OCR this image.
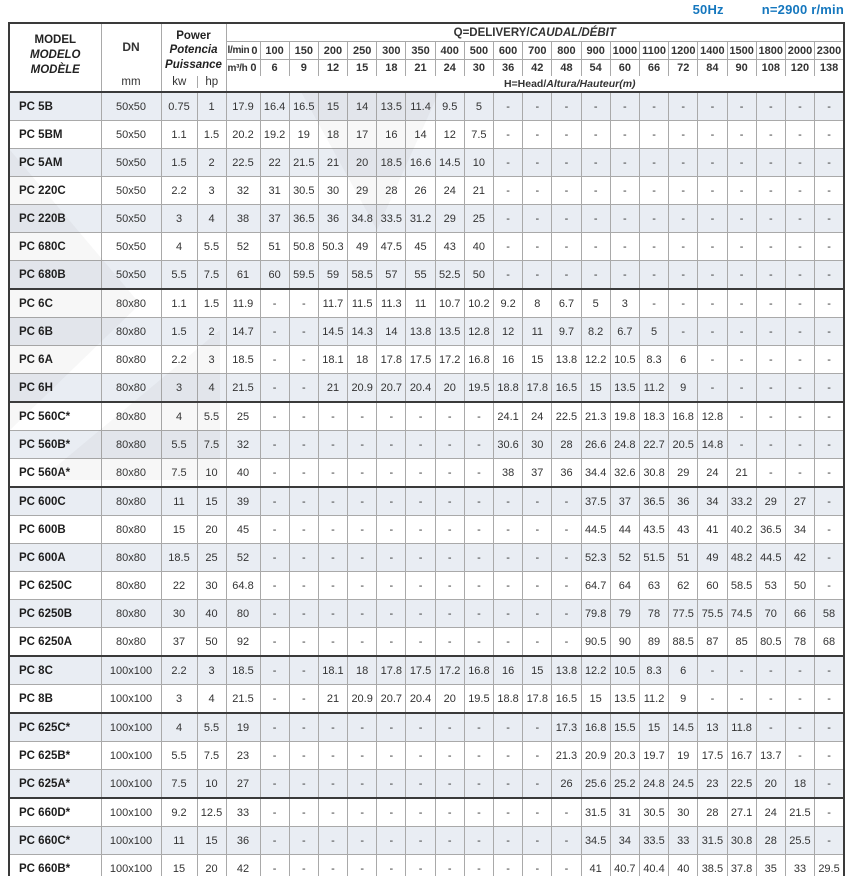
50Hz	n=2900 r/min
MODEL
MODELO
MODÈLE

DN
mm

Power
Potencia
Puissance
kw	hp
	Q=DELIVERY/CAUDAL/DÉBIT

				l/min 0	100	150	200	250	300	350	400	500	600	700	800	900	1000	1100	1200	1400	1500	1800	2000	2300

				m³/h 0	6	9	12	15	18	21	24	30	36	42	48	54	60	66	72	84	90	108	120	138
				H=Head/Altura/Hauteur(m)																				
PC 5B	50x50	0.75	1	17.9	16.4	16.5	15	14	13.5	11.4	9.5	5	-	-	-	-	-	-	-	-	-	-	-	-
PC 5BM	50x50	1.1	1.5	20.2	19.2	19	18	17	16	14	12	7.5	-	-	-	-	-	-	-	-	-	-	-	-
PC 5AM	50x50	1.5	2	22.5	22	21.5	21	20	18.5	16.6	14.5	10	-	-	-	-	-	-	-	-	-	-	-	-
PC 220C	50x50	2.2	3	32	31	30.5	30	29	28	26	24	21	-	-	-	-	-	-	-	-	-	-	-	-
PC 220B	50x50	3	4	38	37	36.5	36	34.8	33.5	31.2	29	25	-	-	-	-	-	-	-	-	-	-	-	-
PC 680C	50x50	4	5.5	52	51	50.8	50.3	49	47.5	45	43	40	-	-	-	-	-	-	-	-	-	-	-	-
PC 680B	50x50	5.5	7.5	61	60	59.5	59	58.5	57	55	52.5	50	-	-	-	-	-	-	-	-	-	-	-	-
PC 6C	80x80	1.1	1.5	11.9	-	-	11.7	11.5	11.3	11	10.7	10.2	9.2	8	6.7	5	3	-	-	-	-	-	-	-
PC 6B	80x80	1.5	2	14.7	-	-	14.5	14.3	14	13.8	13.5	12.8	12	11	9.7	8.2	6.7	5	-	-	-	-	-	-
PC 6A	80x80	2.2	3	18.5	-	-	18.1	18	17.8	17.5	17.2	16.8	16	15	13.8	12.2	10.5	8.3	6	-	-	-	-	-
PC 6H	80x80	3	4	21.5	-	-	21	20.9	20.7	20.4	20	19.5	18.8	17.8	16.5	15	13.5	11.2	9	-	-	-	-	-
PC 560C*	80x80	4	5.5	25	-	-	-	-	-	-	-	-	24.1	24	22.5	21.3	19.8	18.3	16.8	12.8	-	-	-	-
PC 560B*	80x80	5.5	7.5	32	-	-	-	-	-	-	-	-	30.6	30	28	26.6	24.8	22.7	20.5	14.8	-	-	-	-
PC 560A*	80x80	7.5	10	40	-	-	-	-	-	-	-	-	38	37	36	34.4	32.6	30.8	29	24	21	-	-	-
PC 600C	80x80	11	15	39	-	-	-	-	-	-	-	-	-	-	-	37.5	37	36.5	36	34	33.2	29	27	-
PC 600B	80x80	15	20	45	-	-	-	-	-	-	-	-	-	-	-	44.5	44	43.5	43	41	40.2	36.5	34	-
PC 600A	80x80	18.5	25	52	-	-	-	-	-	-	-	-	-	-	-	52.3	52	51.5	51	49	48.2	44.5	42	-
PC 6250C	80x80	22	30	64.8	-	-	-	-	-	-	-	-	-	-	-	64.7	64	63	62	60	58.5	53	50	-
PC 6250B	80x80	30	40	80	-	-	-	-	-	-	-	-	-	-	-	79.8	79	78	77.5	75.5	74.5	70	66	58
PC 6250A	80x80	37	50	92	-	-	-	-	-	-	-	-	-	-	-	90.5	90	89	88.5	87	85	80.5	78	68
PC 8C	100x100	2.2	3	18.5	-	-	18.1	18	17.8	17.5	17.2	16.8	16	15	13.8	12.2	10.5	8.3	6	-	-	-	-	-
PC 8B	100x100	3	4	21.5	-	-	21	20.9	20.7	20.4	20	19.5	18.8	17.8	16.5	15	13.5	11.2	9	-	-	-	-	-
PC 625C*	100x100	4	5.5	19	-	-	-	-	-	-	-	-	-	-	17.3	16.8	15.5	15	14.5	13	11.8	-	-	-
PC 625B*	100x100	5.5	7.5	23	-	-	-	-	-	-	-	-	-	-	21.3	20.9	20.3	19.7	19	17.5	16.7	13.7	-	-
PC 625A*	100x100	7.5	10	27	-	-	-	-	-	-	-	-	-	-	26	25.6	25.2	24.8	24.5	23	22.5	20	18	-
PC 660D*	100x100	9.2	12.5	33	-	-	-	-	-	-	-	-	-	-	-	31.5	31	30.5	30	28	27.1	24	21.5	-
PC 660C*	100x100	11	15	36	-	-	-	-	-	-	-	-	-	-	-	34.5	34	33.5	33	31.5	30.8	28	25.5	-
PC 660B*	100x100	15	20	42	-	-	-	-	-	-	-	-	-	-	-	41	40.7	40.4	40	38.5	37.8	35	33	29.5
